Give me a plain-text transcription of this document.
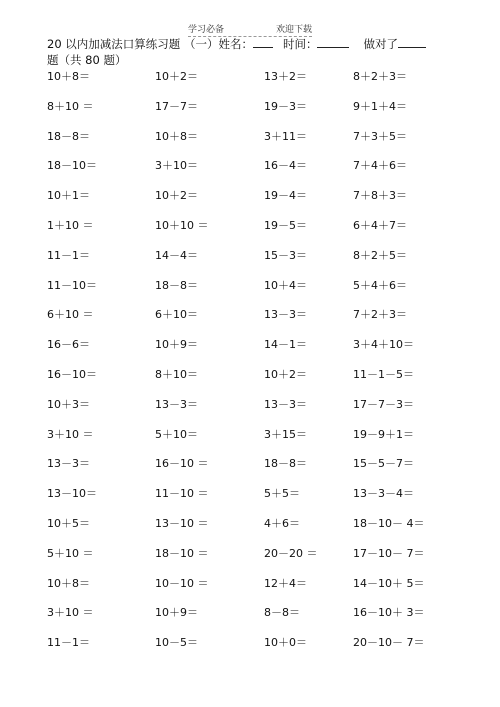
学习必备	欢迎下载
20 以内加减法口算练习题 （一）姓名：	时间：	做对了题（共 80 题）
10＋8＝	10＋2＝	13＋2＝	8＋2＋3＝
8＋10 ＝	17－7＝	19－3＝	9＋1＋4＝
18－8＝	10＋8＝	3＋11＝	7＋3＋5＝
18－10＝	3＋10＝	16－4＝	7＋4＋6＝
10＋1＝	10＋2＝	19－4＝	7＋8＋3＝
1＋10 ＝	10＋10 ＝	19－5＝	6＋4＋7＝
11－1＝	14－4＝	15－3＝	8＋2＋5＝
11－10＝	18－8＝	10＋4＝	5＋4＋6＝
6＋10 ＝	6＋10＝	13－3＝	7＋2＋3＝
16－6＝	10＋9＝	14－1＝	3＋4＋10＝
16－10＝	8＋10＝	10＋2＝	11－1－5＝
10＋3＝	13－3＝	13－3＝	17－7－3＝
3＋10 ＝	5＋10＝	3＋15＝	19－9＋1＝
13－3＝	16－10 ＝	18－8＝	15－5－7＝
13－10＝	11－10 ＝	5＋5＝	13－3－4＝
10＋5＝	13－10 ＝	4＋6＝	18－10－ 4＝
5＋10 ＝	18－10 ＝	20－20 ＝	17－10－ 7＝
10＋8＝	10－10 ＝	12＋4＝	14－10＋ 5＝
3＋10 ＝	10＋9＝	8－8＝	16－10＋ 3＝
11－1＝	10－5＝	10＋0＝	20－10－ 7＝
